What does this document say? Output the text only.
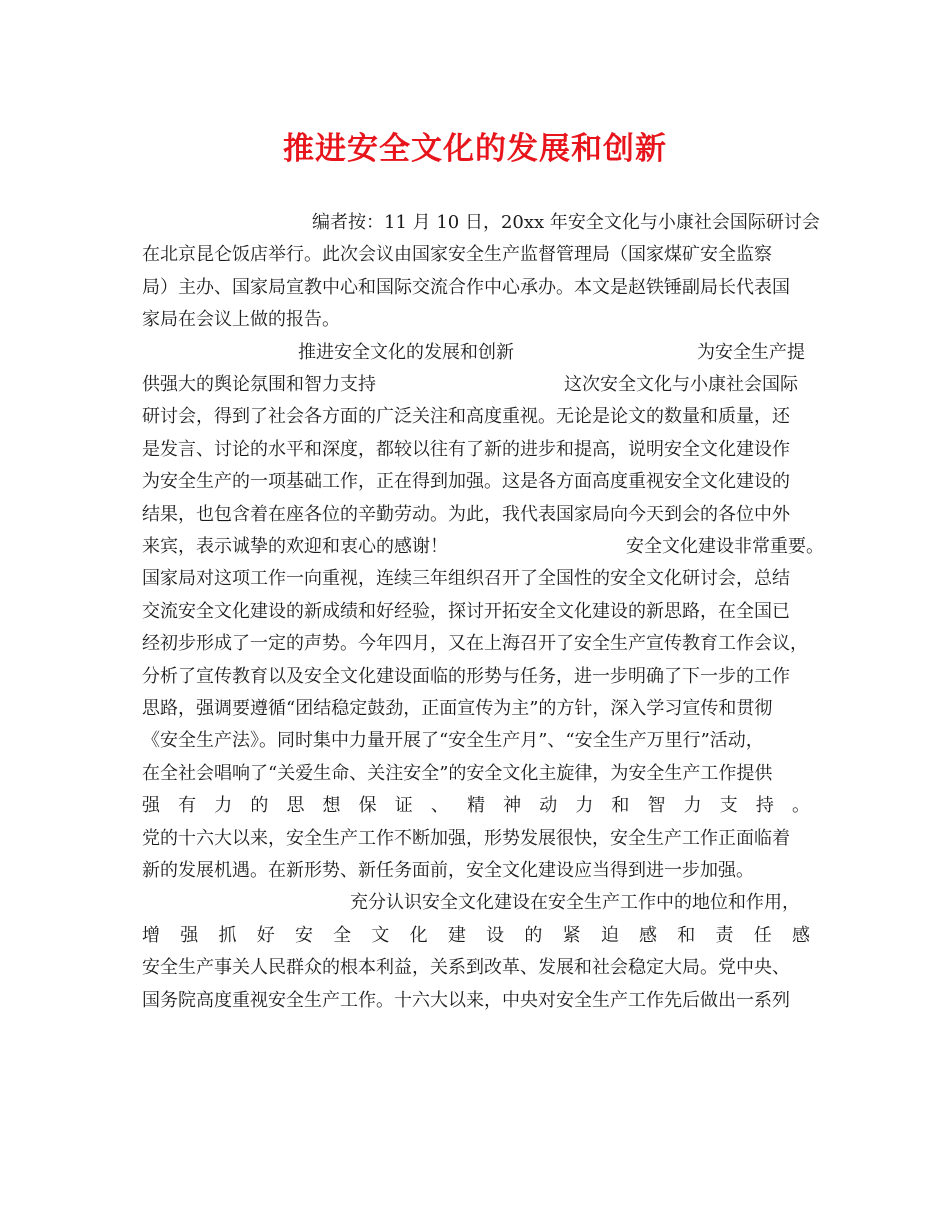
推进安全文化的发展和创新
编者按：11 月 10 日，20xx 年安全文化与小康社会国际研讨会
在北京昆仑饭店举行。此次会议由国家安全生产监督管理局（国家煤矿安全监察
局）主办、国家局宣教中心和国际交流合作中心承办。本文是赵铁锤副局长代表国
家局在会议上做的报告。
推进安全文化的发展和创新	为安全生产提
供强大的舆论氛围和智力支持	这次安全文化与小康社会国际
研讨会，得到了社会各方面的广泛关注和高度重视。无论是论文的数量和质量，还
是发言、讨论的水平和深度，都较以往有了新的进步和提高，说明安全文化建设作
为安全生产的一项基础工作，正在得到加强。这是各方面高度重视安全文化建设的
结果，也包含着在座各位的辛勤劳动。为此，我代表国家局向今天到会的各位中外
来宾，表示诚挚的欢迎和衷心的感谢！	安全文化建设非常重要。
国家局对这项工作一向重视，连续三年组织召开了全国性的安全文化研讨会，总结
交流安全文化建设的新成绩和好经验，探讨开拓安全文化建设的新思路，在全国已
经初步形成了一定的声势。今年四月，又在上海召开了安全生产宣传教育工作会议，
分析了宣传教育以及安全文化建设面临的形势与任务，进一步明确了下一步的工作
思路，强调要遵循“团结稳定鼓劲，正面宣传为主”的方针，深入学习宣传和贯彻
《安全生产法》。同时集中力量开展了“安全生产月”、“安全生产万里行”活动，
在全社会唱响了“关爱生命、关注安全”的安全文化主旋律，为安全生产工作提供
强 有 力 的 思 想 保 证 、 精 神 动 力 和 智 力 支 持 。
党的十六大以来，安全生产工作不断加强，形势发展很快，安全生产工作正面临着
新的发展机遇。在新形势、新任务面前，安全文化建设应当得到进一步加强。
充分认识安全文化建设在安全生产工作中的地位和作用，
增 强 抓 好 安 全 文 化 建 设 的 紧 迫 感 和 责 任 感
安全生产事关人民群众的根本利益，关系到改革、发展和社会稳定大局。党中央、
国务院高度重视安全生产工作。十六大以来，中央对安全生产工作先后做出一系列
